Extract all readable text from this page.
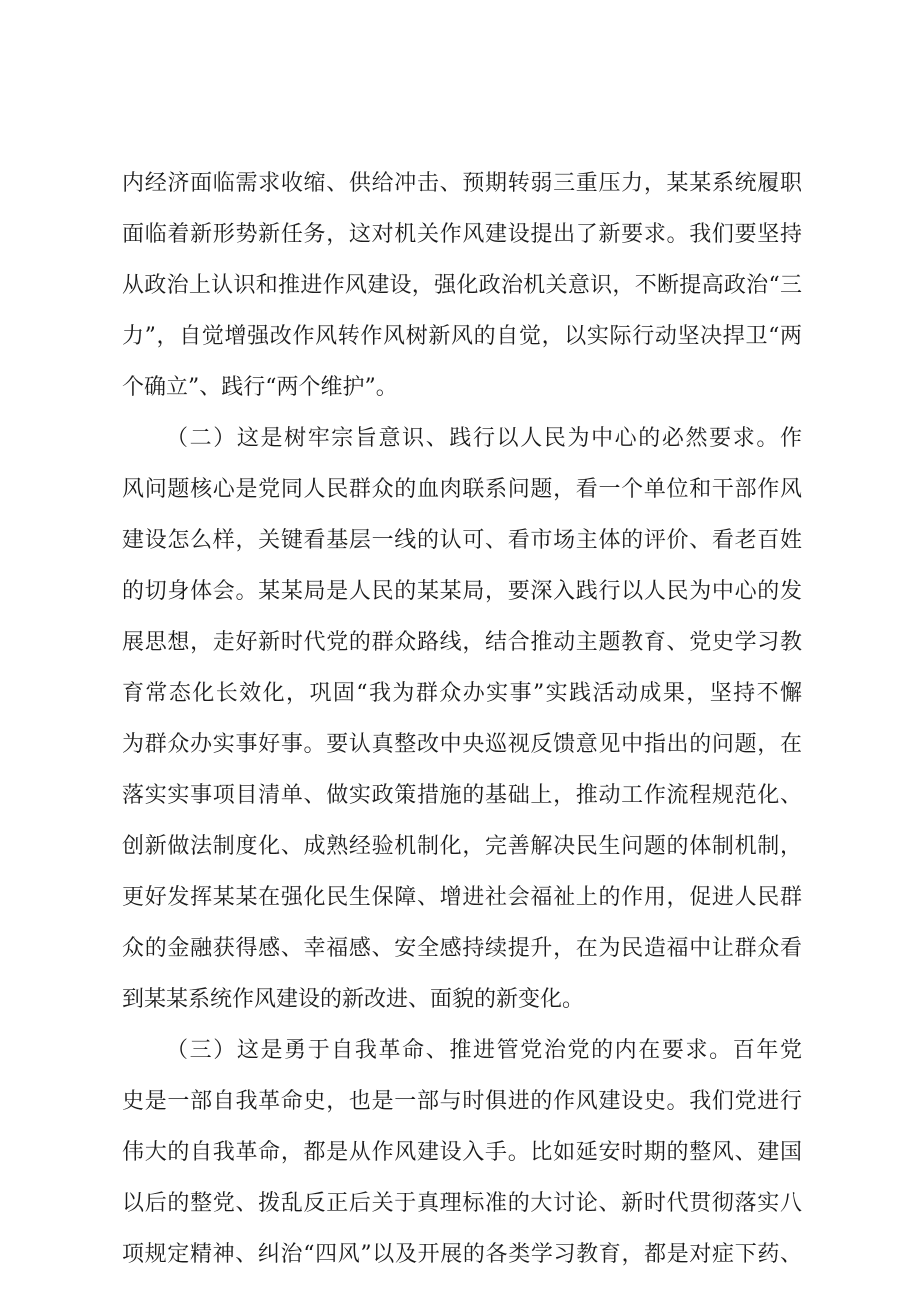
内经济面临需求收缩、供给冲击、预期转弱三重压力，某某系统履职
面临着新形势新任务，这对机关作风建设提出了新要求。我们要坚持
从政治上认识和推进作风建设，强化政治机关意识，不断提高政治“三
力”，自觉增强改作风转作风树新风的自觉，以实际行动坚决捍卫“两
个确立”、践行“两个维护”。
（二）这是树牢宗旨意识、践行以人民为中心的必然要求。作
风问题核心是党同人民群众的血肉联系问题，看一个单位和干部作风
建设怎么样，关键看基层一线的认可、看市场主体的评价、看老百姓
的切身体会。某某局是人民的某某局，要深入践行以人民为中心的发
展思想，走好新时代党的群众路线，结合推动主题教育、党史学习教
育常态化长效化，巩固“我为群众办实事”实践活动成果，坚持不懈
为群众办实事好事。要认真整改中央巡视反馈意见中指出的问题，在
落实实事项目清单、做实政策措施的基础上，推动工作流程规范化、
创新做法制度化、成熟经验机制化，完善解决民生问题的体制机制，
更好发挥某某在强化民生保障、增进社会福祉上的作用，促进人民群
众的金融获得感、幸福感、安全感持续提升，在为民造福中让群众看
到某某系统作风建设的新改进、面貌的新变化。
（三）这是勇于自我革命、推进管党治党的内在要求。百年党
史是一部自我革命史，也是一部与时俱进的作风建设史。我们党进行
伟大的自我革命，都是从作风建设入手。比如延安时期的整风、建国
以后的整党、拨乱反正后关于真理标准的大讨论、新时代贯彻落实八
项规定精神、纠治“四风”以及开展的各类学习教育，都是对症下药、
